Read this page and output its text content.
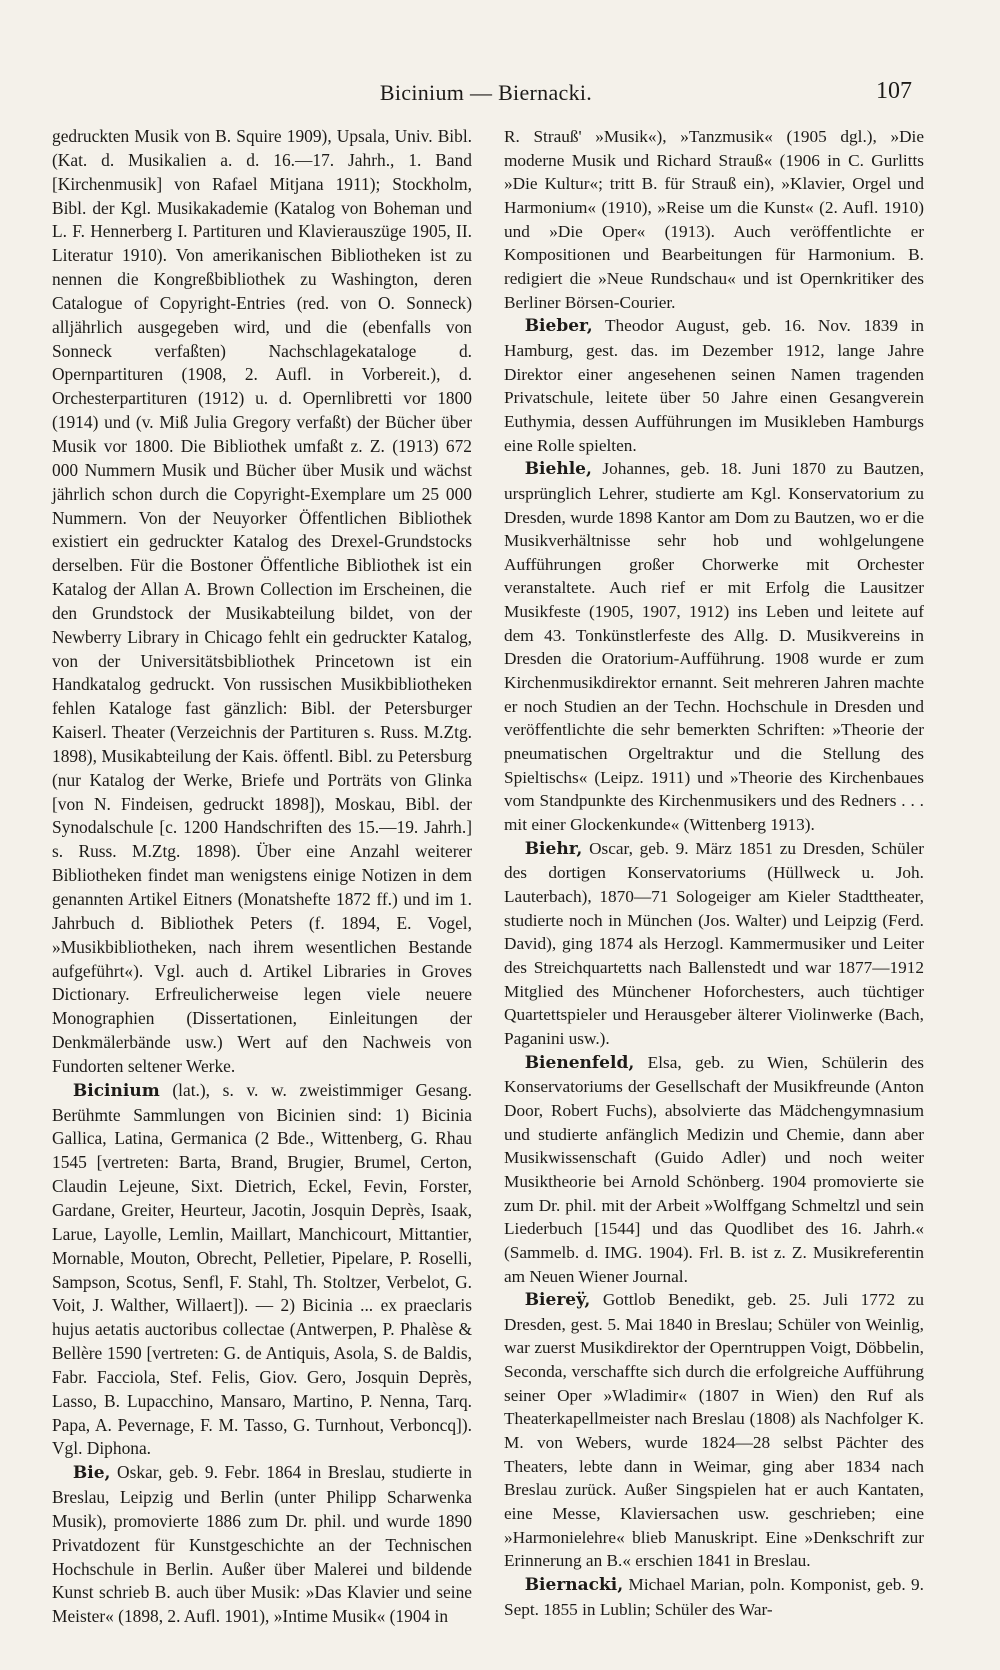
Bicinium — Biernacki.	107

gedruckten Musik von B. Squire 1909), Upsala, Univ. Bibl. (Kat. d. Musikalien a. d. 16.—17. Jahrh., 1. Band [Kirchenmusik] von Rafael Mitjana 1911); Stockholm, Bibl. der Kgl. Musikakademie (Katalog von Boheman und L. F. Hennerberg I. Partituren und Klavierauszüge 1905, II. Literatur 1910). Von amerikanischen Bibliotheken ist zu nennen die Kongreßbibliothek zu Washington, deren Catalogue of Copyright-Entries (red. von O. Sonneck) alljährlich ausgegeben wird, und die (ebenfalls von Sonneck verfaßten) Nachschlagekataloge d. Opernpartituren (1908, 2. Aufl. in Vorbereit.), d. Orchesterpartituren (1912) u. d. Opernlibretti vor 1800 (1914) und (v. Miß Julia Gregory verfaßt) der Bücher über Musik vor 1800. Die Bibliothek umfaßt z. Z. (1913) 672 000 Nummern Musik und Bücher über Musik und wächst jährlich schon durch die Copyright-Exemplare um 25 000 Nummern. Von der Neuyorker Öffentlichen Bibliothek existiert ein gedruckter Katalog des Drexel-Grundstocks derselben. Für die Bostoner Öffentliche Bibliothek ist ein Katalog der Allan A. Brown Collection im Erscheinen, die den Grundstock der Musikabteilung bildet, von der Newberry Library in Chicago fehlt ein gedruckter Katalog, von der Universitätsbibliothek Princetown ist ein Handkatalog gedruckt. Von russischen Musikbibliotheken fehlen Kataloge fast gänzlich: Bibl. der Petersburger Kaiserl. Theater (Verzeichnis der Partituren s. Russ. M.Ztg. 1898), Musikabteilung der Kais. öffentl. Bibl. zu Petersburg (nur Katalog der Werke, Briefe und Porträts von Glinka [von N. Findeisen, gedruckt 1898]), Moskau, Bibl. der Synodalschule [c. 1200 Handschriften des 15.—19. Jahrh.] s. Russ. M.Ztg. 1898). Über eine Anzahl weiterer Bibliotheken findet man wenigstens einige Notizen in dem genannten Artikel Eitners (Monatshefte 1872 ff.) und im 1. Jahrbuch d. Bibliothek Peters (f. 1894, E. Vogel, »Musikbibliotheken, nach ihrem wesentlichen Bestande aufgeführt«). Vgl. auch d. Artikel Libraries in Groves Dictionary. Erfreulicherweise legen viele neuere Monographien (Dissertationen, Einleitungen der Denkmälerbände usw.) Wert auf den Nachweis von Fundorten seltener Werke.

Bicinium (lat.), s. v. w. zweistimmiger Gesang. Berühmte Sammlungen von Bicinien sind: 1) Bicinia Gallica, Latina, Germanica (2 Bde., Wittenberg, G. Rhau 1545 [vertreten: Barta, Brand, Brugier, Brumel, Certon, Claudin Lejeune, Sixt. Dietrich, Eckel, Fevin, Forster, Gardane, Greiter, Heurteur, Jacotin, Josquin Deprès, Isaak, Larue, Layolle, Lemlin, Maillart, Manchicourt, Mittantier, Mornable, Mouton, Obrecht, Pelletier, Pipelare, P. Roselli, Sampson, Scotus, Senfl, F. Stahl, Th. Stoltzer, Verbelot, G. Voit, J. Walther, Willaert]). — 2) Bicinia ... ex praeclaris hujus aetatis auctoribus collectae (Antwerpen, P. Phalèse & Bellère 1590 [vertreten: G. de Antiquis, Asola, S. de Baldis, Fabr. Facciola, Stef. Felis, Giov. Gero, Josquin Deprès, Lasso, B. Lupacchino, Mansaro, Martino, P. Nenna, Tarq. Papa, A. Pevernage, F. M. Tasso, G. Turnhout, Verboncq]). Vgl. Diphona.

Bie, Oskar, geb. 9. Febr. 1864 in Breslau, studierte in Breslau, Leipzig und Berlin (unter Philipp Scharwenka Musik), promovierte 1886 zum Dr. phil. und wurde 1890 Privatdozent für Kunstgeschichte an der Technischen Hochschule in Berlin. Außer über Malerei und bildende Kunst schrieb B. auch über Musik: »Das Klavier und seine Meister« (1898, 2. Aufl. 1901), »Intime Musik« (1904 in

R. Strauß' »Musik«), »Tanzmusik« (1905 dgl.), »Die moderne Musik und Richard Strauß« (1906 in C. Gurlitts »Die Kultur«; tritt B. für Strauß ein), »Klavier, Orgel und Harmonium« (1910), »Reise um die Kunst« (2. Aufl. 1910) und »Die Oper« (1913). Auch veröffentlichte er Kompositionen und Bearbeitungen für Harmonium. B. redigiert die »Neue Rundschau« und ist Opernkritiker des Berliner Börsen-Courier.

Bieber, Theodor August, geb. 16. Nov. 1839 in Hamburg, gest. das. im Dezember 1912, lange Jahre Direktor einer angesehenen seinen Namen tragenden Privatschule, leitete über 50 Jahre einen Gesangverein Euthymia, dessen Aufführungen im Musikleben Hamburgs eine Rolle spielten.

Biehle, Johannes, geb. 18. Juni 1870 zu Bautzen, ursprünglich Lehrer, studierte am Kgl. Konservatorium zu Dresden, wurde 1898 Kantor am Dom zu Bautzen, wo er die Musikverhältnisse sehr hob und wohlgelungene Aufführungen großer Chorwerke mit Orchester veranstaltete. Auch rief er mit Erfolg die Lausitzer Musikfeste (1905, 1907, 1912) ins Leben und leitete auf dem 43. Tonkünstlerfeste des Allg. D. Musikvereins in Dresden die Oratorium-Aufführung. 1908 wurde er zum Kirchenmusikdirektor ernannt. Seit mehreren Jahren machte er noch Studien an der Techn. Hochschule in Dresden und veröffentlichte die sehr bemerkten Schriften: »Theorie der pneumatischen Orgeltraktur und die Stellung des Spieltischs« (Leipz. 1911) und »Theorie des Kirchenbaues vom Standpunkte des Kirchenmusikers und des Redners . . . mit einer Glockenkunde« (Wittenberg 1913).

Biehr, Oscar, geb. 9. März 1851 zu Dresden, Schüler des dortigen Konservatoriums (Hüllweck u. Joh. Lauterbach), 1870—71 Sologeiger am Kieler Stadttheater, studierte noch in München (Jos. Walter) und Leipzig (Ferd. David), ging 1874 als Herzogl. Kammermusiker und Leiter des Streichquartetts nach Ballenstedt und war 1877—1912 Mitglied des Münchener Hoforchesters, auch tüchtiger Quartettspieler und Herausgeber älterer Violinwerke (Bach, Paganini usw.).

Bienenfeld, Elsa, geb. zu Wien, Schülerin des Konservatoriums der Gesellschaft der Musikfreunde (Anton Door, Robert Fuchs), absolvierte das Mädchengymnasium und studierte anfänglich Medizin und Chemie, dann aber Musikwissenschaft (Guido Adler) und noch weiter Musiktheorie bei Arnold Schönberg. 1904 promovierte sie zum Dr. phil. mit der Arbeit »Wolffgang Schmeltzl und sein Liederbuch [1544] und das Quodlibet des 16. Jahrh.« (Sammelb. d. IMG. 1904). Frl. B. ist z. Z. Musikreferentin am Neuen Wiener Journal.

Biereÿ, Gottlob Benedikt, geb. 25. Juli 1772 zu Dresden, gest. 5. Mai 1840 in Breslau; Schüler von Weinlig, war zuerst Musikdirektor der Operntruppen Voigt, Döbbelin, Seconda, verschaffte sich durch die erfolgreiche Aufführung seiner Oper »Wladimir« (1807 in Wien) den Ruf als Theaterkapellmeister nach Breslau (1808) als Nachfolger K. M. von Webers, wurde 1824—28 selbst Pächter des Theaters, lebte dann in Weimar, ging aber 1834 nach Breslau zurück. Außer Singspielen hat er auch Kantaten, eine Messe, Klaviersachen usw. geschrieben; eine »Harmonielehre« blieb Manuskript. Eine »Denkschrift zur Erinnerung an B.« erschien 1841 in Breslau.

Biernacki, Michael Marian, poln. Komponist, geb. 9. Sept. 1855 in Lublin; Schüler des War-
